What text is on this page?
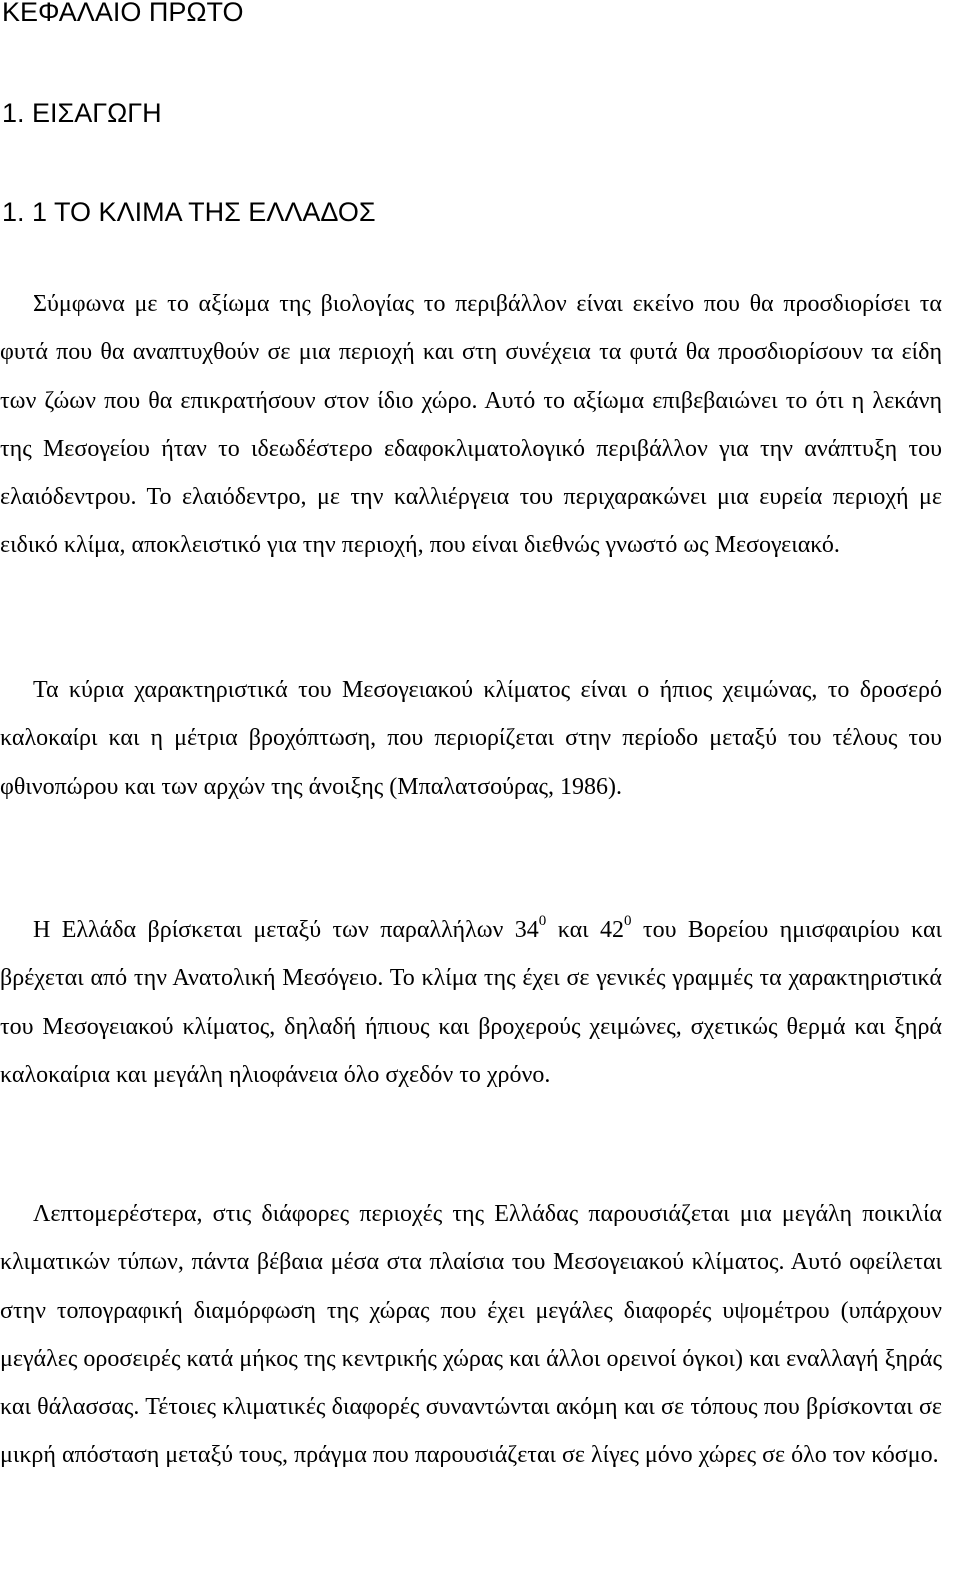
ΚΕΦΑΛΑΙΟ ΠΡΩΤΟ
1. ΕΙΣΑΓΩΓΗ
1. 1 ΤΟ ΚΛΙΜΑ ΤΗΣ ΕΛΛΑΔΟΣ

Σύμφωνα με το αξίωμα της βιολογίας το περιβάλλον είναι εκείνο που θα προσδιορίσει τα φυτά που θα αναπτυχθούν σε μια περιοχή και στη συνέχεια τα φυτά θα προσδιορίσουν τα είδη των ζώων που θα επικρατήσουν στον ίδιο χώρο. Αυτό το αξίωμα επιβεβαιώνει το ότι η λεκάνη της Μεσογείου ήταν το ιδεωδέστερο εδαφοκλιματολογικό περιβάλλον για την ανάπτυξη του ελαιόδεντρου. Το ελαιόδεντρο, με την καλλιέργεια του περιχαρακώνει μια ευρεία περιοχή με ειδικό κλίμα, αποκλειστικό για την περιοχή, που είναι διεθνώς γνωστό ως Μεσογειακό.

Τα κύρια χαρακτηριστικά του Μεσογειακού κλίματος είναι ο ήπιος χειμώνας, το δροσερό καλοκαίρι και η μέτρια βροχόπτωση, που περιορίζεται στην περίοδο μεταξύ του τέλους του φθινοπώρου και των αρχών της άνοιξης (Μπαλατσούρας, 1986).

Η Ελλάδα βρίσκεται μεταξύ των παραλλήλων $34^0$ και $42^0$ του Βορείου ημισφαιρίου και βρέχεται από την Ανατολική Μεσόγειο. Το κλίμα της έχει σε γενικές γραμμές τα χαρακτηριστικά του Μεσογειακού κλίματος, δηλαδή ήπιους και βροχερούς χειμώνες, σχετικώς θερμά και ξηρά καλοκαίρια και μεγάλη ηλιοφάνεια όλο σχεδόν το χρόνο.

Λεπτομερέστερα, στις διάφορες περιοχές της Ελλάδας παρουσιάζεται μια μεγάλη ποικιλία κλιματικών τύπων, πάντα βέβαια μέσα στα πλαίσια του Μεσογειακού κλίματος. Αυτό οφείλεται στην τοπογραφική διαμόρφωση της χώρας που έχει μεγάλες διαφορές υψομέτρου (υπάρχουν μεγάλες οροσειρές κατά μήκος της κεντρικής χώρας και άλλοι ορεινοί όγκοι) και εναλλαγή ξηράς και θάλασσας. Τέτοιες κλιματικές διαφορές συναντώνται ακόμη και σε τόπους που βρίσκονται σε μικρή απόσταση μεταξύ τους, πράγμα που παρουσιάζεται σε λίγες μόνο χώρες σε όλο τον κόσμο.
